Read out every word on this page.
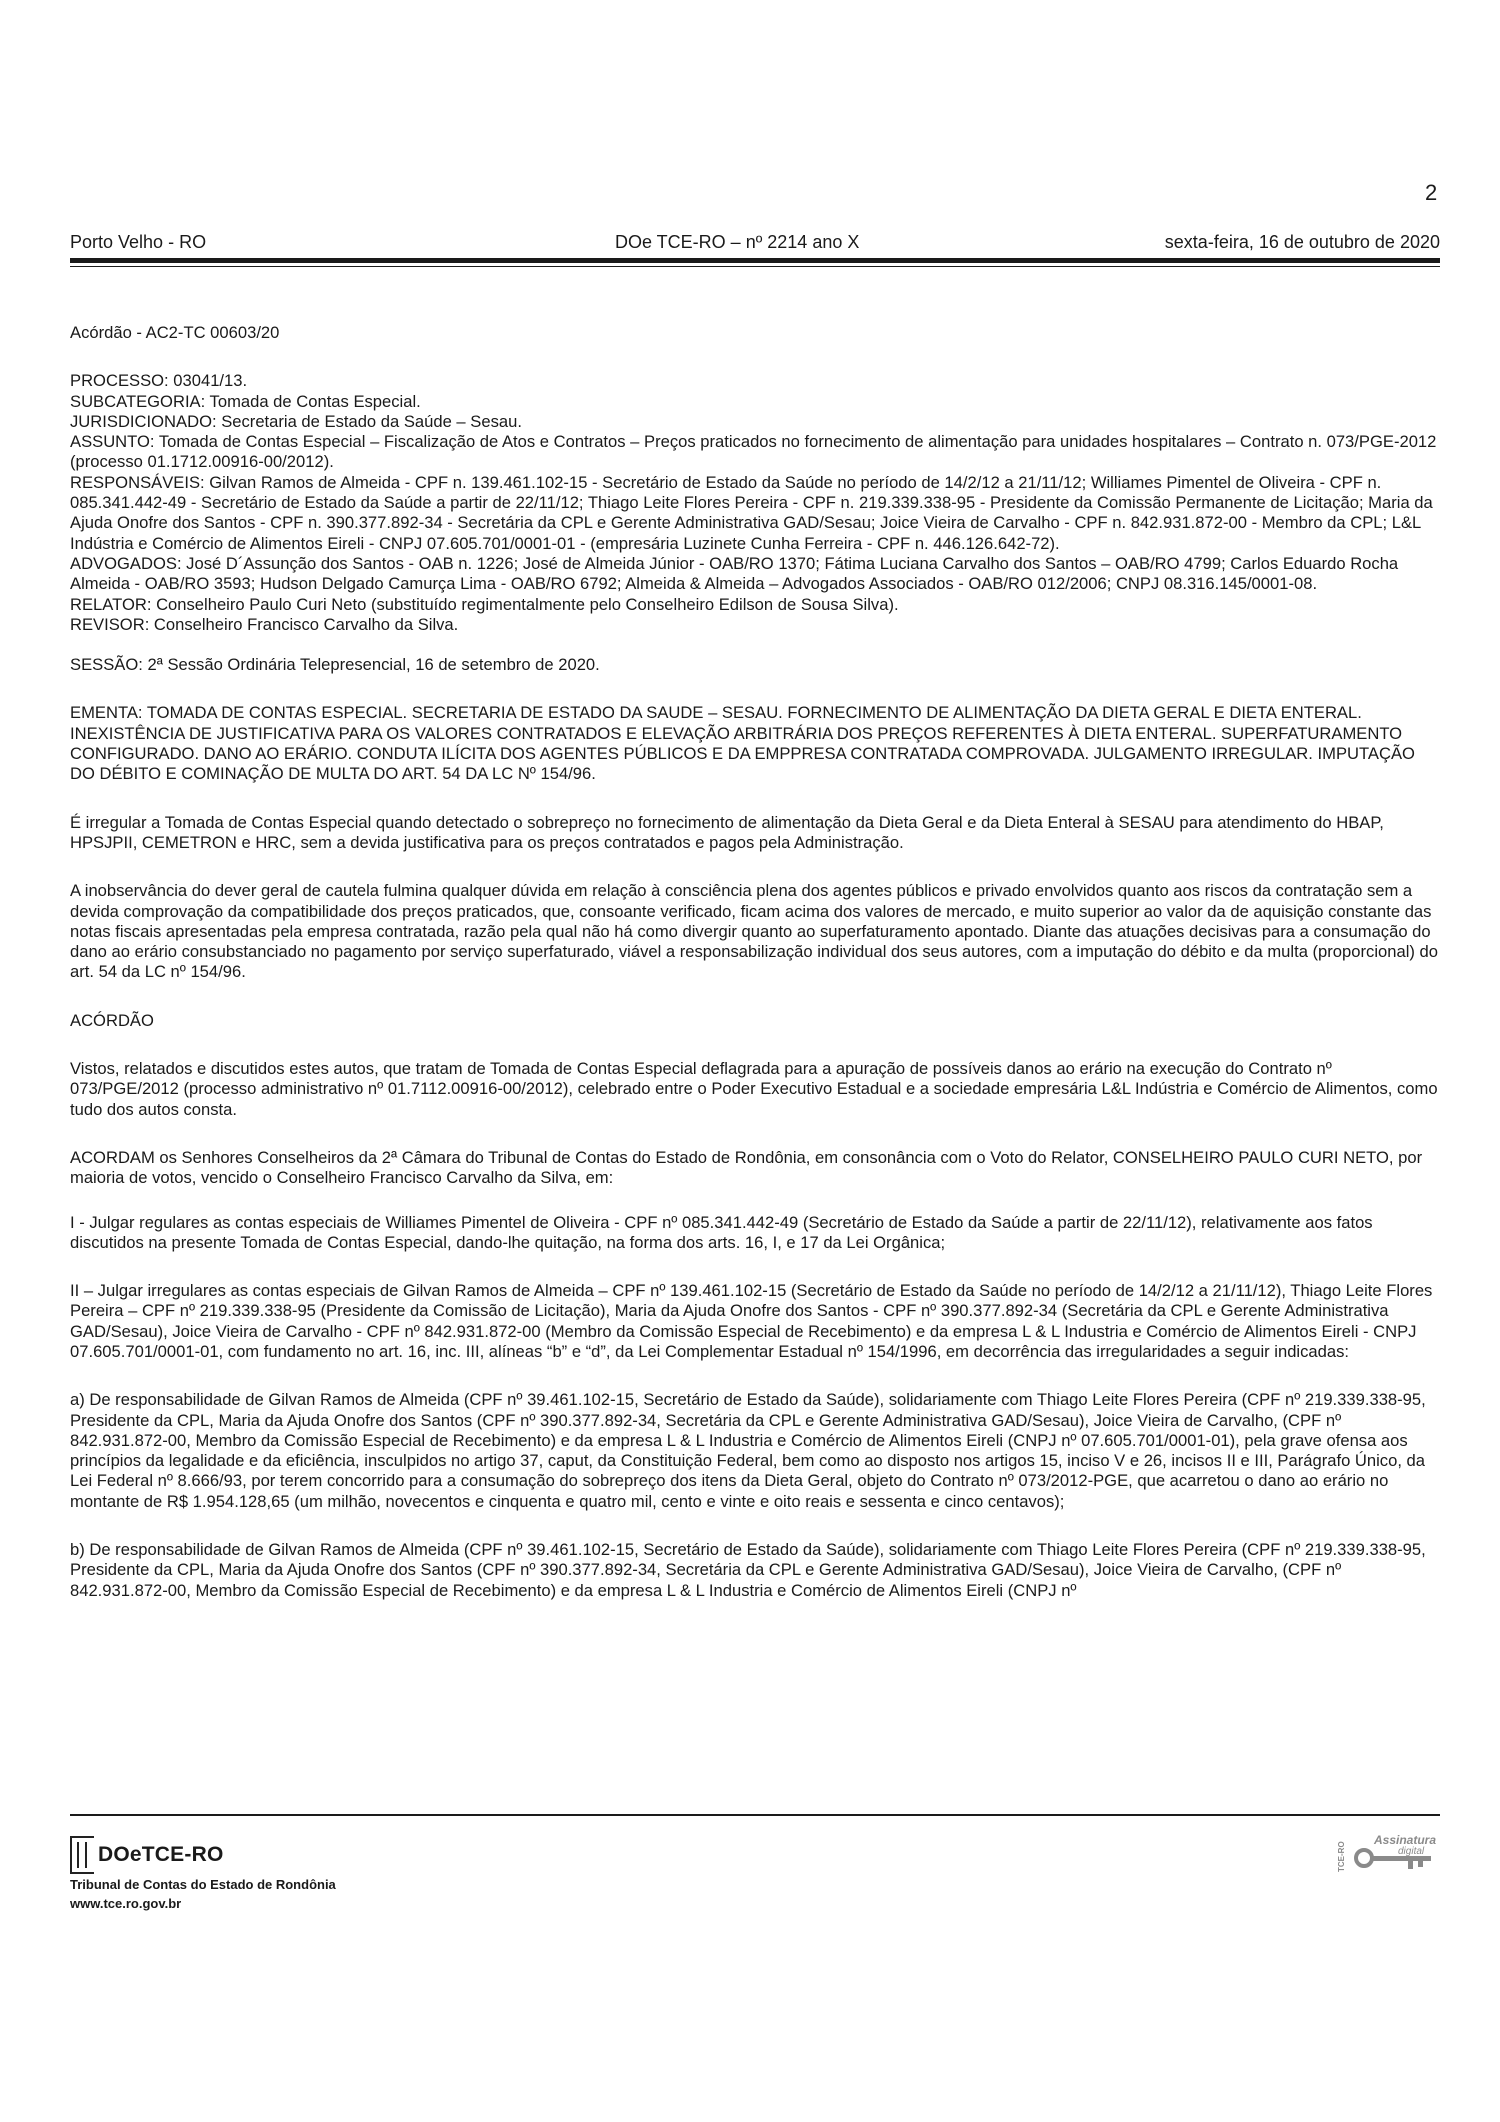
2
Porto Velho - RO	DOe TCE-RO – nº 2214 ano X	sexta-feira, 16 de outubro de 2020

Acórdão - AC2-TC 00603/20

PROCESSO: 03041/13.

SUBCATEGORIA: Tomada de Contas Especial.

JURISDICIONADO: Secretaria de Estado da Saúde – Sesau.

ASSUNTO: Tomada de Contas Especial – Fiscalização de Atos e Contratos – Preços praticados no fornecimento de alimentação para unidades hospitalares – Contrato n. 073/PGE-2012 (processo 01.1712.00916-00/2012).

RESPONSÁVEIS: Gilvan Ramos de Almeida - CPF n. 139.461.102-15 - Secretário de Estado da Saúde no período de 14/2/12 a 21/11/12; Williames Pimentel de Oliveira - CPF n. 085.341.442-49 - Secretário de Estado da Saúde a partir de 22/11/12; Thiago Leite Flores Pereira - CPF n. 219.339.338-95 - Presidente da Comissão Permanente de Licitação; Maria da Ajuda Onofre dos Santos - CPF n. 390.377.892-34 - Secretária da CPL e Gerente Administrativa GAD/Sesau; Joice Vieira de Carvalho - CPF n. 842.931.872-00 - Membro da CPL; L&L Indústria e Comércio de Alimentos Eireli - CNPJ 07.605.701/0001-01 - (empresária Luzinete Cunha Ferreira - CPF n. 446.126.642-72).

ADVOGADOS: José D´Assunção dos Santos - OAB n. 1226; José de Almeida Júnior - OAB/RO 1370; Fátima Luciana Carvalho dos Santos – OAB/RO 4799; Carlos Eduardo Rocha Almeida - OAB/RO 3593; Hudson Delgado Camurça Lima - OAB/RO 6792; Almeida & Almeida – Advogados Associados - OAB/RO 012/2006; CNPJ 08.316.145/0001-08.

RELATOR: Conselheiro Paulo Curi Neto (substituído regimentalmente pelo Conselheiro Edilson de Sousa Silva).

REVISOR: Conselheiro Francisco Carvalho da Silva.

SESSÃO: 2ª Sessão Ordinária Telepresencial, 16 de setembro de 2020.

EMENTA: TOMADA DE CONTAS ESPECIAL. SECRETARIA DE ESTADO DA SAUDE – SESAU. FORNECIMENTO DE ALIMENTAÇÃO DA DIETA GERAL E DIETA ENTERAL. INEXISTÊNCIA DE JUSTIFICATIVA PARA OS VALORES CONTRATADOS E ELEVAÇÃO ARBITRÁRIA DOS PREÇOS REFERENTES À DIETA ENTERAL. SUPERFATURAMENTO CONFIGURADO. DANO AO ERÁRIO. CONDUTA ILÍCITA DOS AGENTES PÚBLICOS E DA EMPPRESA CONTRATADA COMPROVADA. JULGAMENTO IRREGULAR. IMPUTAÇÃO DO DÉBITO E COMINAÇÃO DE MULTA DO ART. 54 DA LC Nº 154/96.

É irregular a Tomada de Contas Especial quando detectado o sobrepreço no fornecimento de alimentação da Dieta Geral e da Dieta Enteral à SESAU para atendimento do HBAP, HPSJPII, CEMETRON e HRC, sem a devida justificativa para os preços contratados e pagos pela Administração.

A inobservância do dever geral de cautela fulmina qualquer dúvida em relação à consciência plena dos agentes públicos e privado envolvidos quanto aos riscos da contratação sem a devida comprovação da compatibilidade dos preços praticados, que, consoante verificado, ficam acima dos valores de mercado, e muito superior ao valor da de aquisição constante das notas fiscais apresentadas pela empresa contratada, razão pela qual não há como divergir quanto ao superfaturamento apontado. Diante das atuações decisivas para a consumação do dano ao erário consubstanciado no pagamento por serviço superfaturado, viável a responsabilização individual dos seus autores, com a imputação do débito e da multa (proporcional) do art. 54 da LC nº 154/96.

ACÓRDÃO

Vistos, relatados e discutidos estes autos, que tratam de Tomada de Contas Especial deflagrada para a apuração de possíveis danos ao erário na execução do Contrato nº 073/PGE/2012 (processo administrativo nº 01.7112.00916-00/2012), celebrado entre o Poder Executivo Estadual e a sociedade empresária L&L Indústria e Comércio de Alimentos, como tudo dos autos consta.

ACORDAM os Senhores Conselheiros da 2ª Câmara do Tribunal de Contas do Estado de Rondônia, em consonância com o Voto do Relator, CONSELHEIRO PAULO CURI NETO, por maioria de votos, vencido o Conselheiro Francisco Carvalho da Silva, em:

I - Julgar regulares as contas especiais de Williames Pimentel de Oliveira - CPF nº 085.341.442-49 (Secretário de Estado da Saúde a partir de 22/11/12), relativamente aos fatos discutidos na presente Tomada de Contas Especial, dando-lhe quitação, na forma dos arts. 16, I, e 17 da Lei Orgânica;

II – Julgar irregulares as contas especiais de Gilvan Ramos de Almeida – CPF nº 139.461.102-15 (Secretário de Estado da Saúde no período de 14/2/12 a 21/11/12), Thiago Leite Flores Pereira – CPF nº 219.339.338-95 (Presidente da Comissão de Licitação), Maria da Ajuda Onofre dos Santos - CPF nº 390.377.892-34 (Secretária da CPL e Gerente Administrativa GAD/Sesau), Joice Vieira de Carvalho - CPF nº 842.931.872-00 (Membro da Comissão Especial de Recebimento) e da empresa L & L Industria e Comércio de Alimentos Eireli - CNPJ 07.605.701/0001-01, com fundamento no art. 16, inc. III, alíneas “b” e “d”, da Lei Complementar Estadual nº 154/1996, em decorrência das irregularidades a seguir indicadas:

a) De responsabilidade de Gilvan Ramos de Almeida (CPF nº 39.461.102-15, Secretário de Estado da Saúde), solidariamente com Thiago Leite Flores Pereira (CPF nº 219.339.338-95, Presidente da CPL, Maria da Ajuda Onofre dos Santos (CPF nº 390.377.892-34, Secretária da CPL e Gerente Administrativa GAD/Sesau), Joice Vieira de Carvalho, (CPF nº 842.931.872-00, Membro da Comissão Especial de Recebimento) e da empresa L & L Industria e Comércio de Alimentos Eireli (CNPJ nº 07.605.701/0001-01), pela grave ofensa aos princípios da legalidade e da eficiência, insculpidos no artigo 37, caput, da Constituição Federal, bem como ao disposto nos artigos 15, inciso V e 26, incisos II e III, Parágrafo Único, da Lei Federal nº 8.666/93, por terem concorrido para a consumação do sobrepreço dos itens da Dieta Geral, objeto do Contrato nº 073/2012-PGE, que acarretou o dano ao erário no montante de R$ 1.954.128,65 (um milhão, novecentos e cinquenta e quatro mil, cento e vinte e oito reais e sessenta e cinco centavos);

b) De responsabilidade de Gilvan Ramos de Almeida (CPF nº 39.461.102-15, Secretário de Estado da Saúde), solidariamente com Thiago Leite Flores Pereira (CPF nº 219.339.338-95, Presidente da CPL, Maria da Ajuda Onofre dos Santos (CPF nº 390.377.892-34, Secretária da CPL e Gerente Administrativa GAD/Sesau), Joice Vieira de Carvalho, (CPF nº 842.931.872-00, Membro da Comissão Especial de Recebimento) e da empresa L & L Industria e Comércio de Alimentos Eireli (CNPJ nº

DOeTCE-RO
Tribunal de Contas do Estado de Rondônia
www.tce.ro.gov.br
TCE-RO
Assinatura
digital
